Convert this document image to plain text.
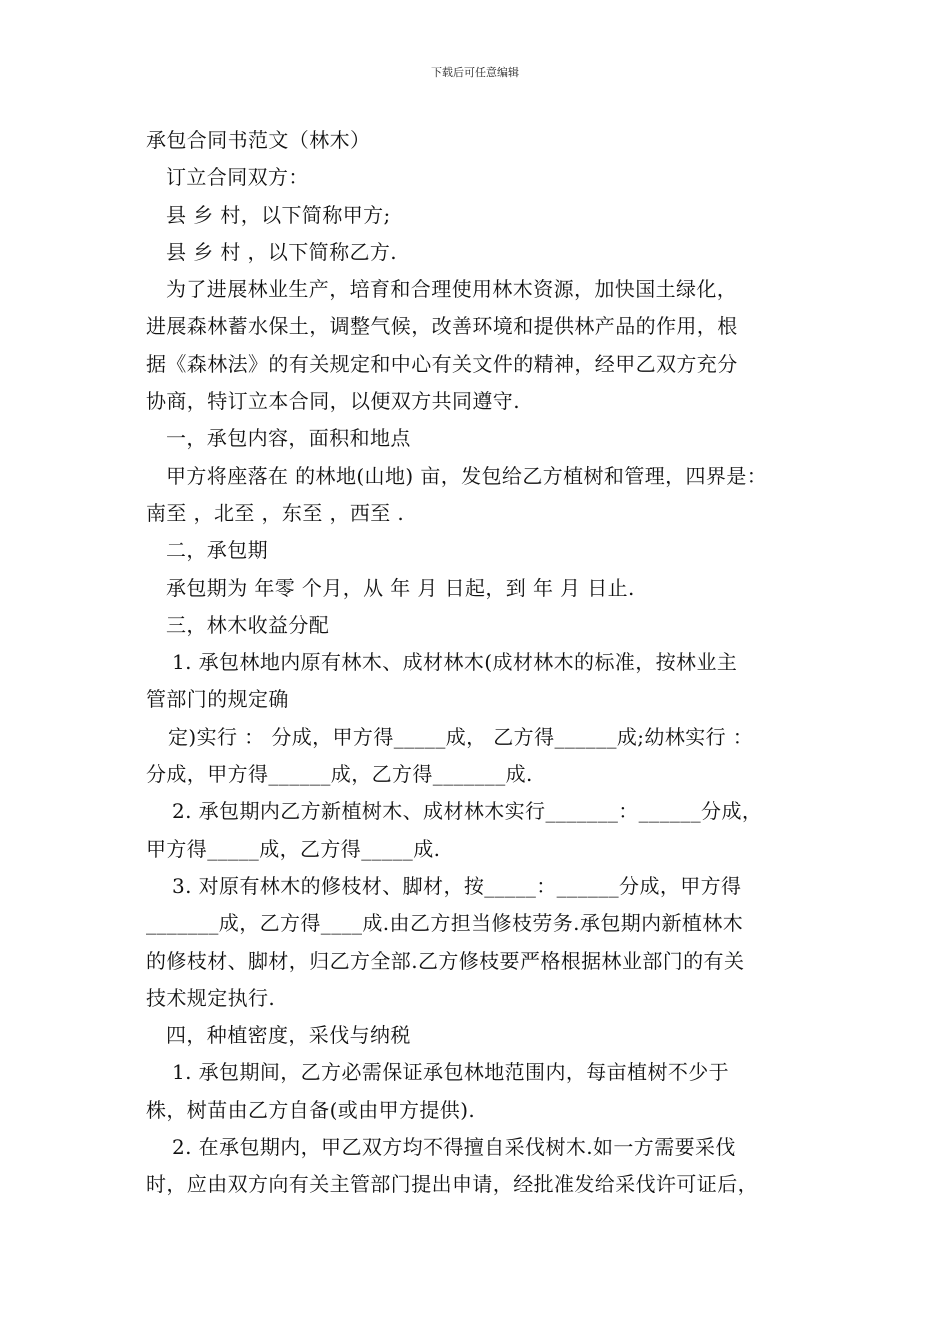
下载后可任意编辑
承包合同书范文（林木）
订立合同双方：
县 乡 村，以下简称甲方;
县 乡 村 ，以下简称乙方.
为了进展林业生产，培育和合理使用林木资源，加快国土绿化，
进展森林蓄水保土，调整气候，改善环境和提供林产品的作用，根
据《森林法》的有关规定和中心有关文件的精神，经甲乙双方充分
协商，特订立本合同，以便双方共同遵守.
一，承包内容，面积和地点
甲方将座落在 的林地(山地) 亩，发包给乙方植树和管理，四界是：
南至 ，北至 ，东至 ，西至 .
二，承包期
承包期为 年零 个月，从 年 月 日起，到 年 月 日止.
三，林木收益分配
1. 承包林地内原有林木、成材林木(成材林木的标准，按林业主
管部门的规定确
定)实行 ： 分成，甲方得_____成， 乙方得______成;幼林实行 ：
分成，甲方得______成，乙方得_______成.
2. 承包期内乙方新植树木、成材林木实行_______：______分成，
甲方得_____成，乙方得_____成.
3. 对原有林木的修枝材、脚材，按_____：______分成，甲方得
_______成，乙方得____成.由乙方担当修枝劳务.承包期内新植林木
的修枝材、脚材，归乙方全部.乙方修枝要严格根据林业部门的有关
技术规定执行.
四，种植密度，采伐与纳税
1. 承包期间，乙方必需保证承包林地范围内，每亩植树不少于
株，树苗由乙方自备(或由甲方提供).
2. 在承包期内，甲乙双方均不得擅自采伐树木.如一方需要采伐
时，应由双方向有关主管部门提出申请，经批准发给采伐许可证后，
